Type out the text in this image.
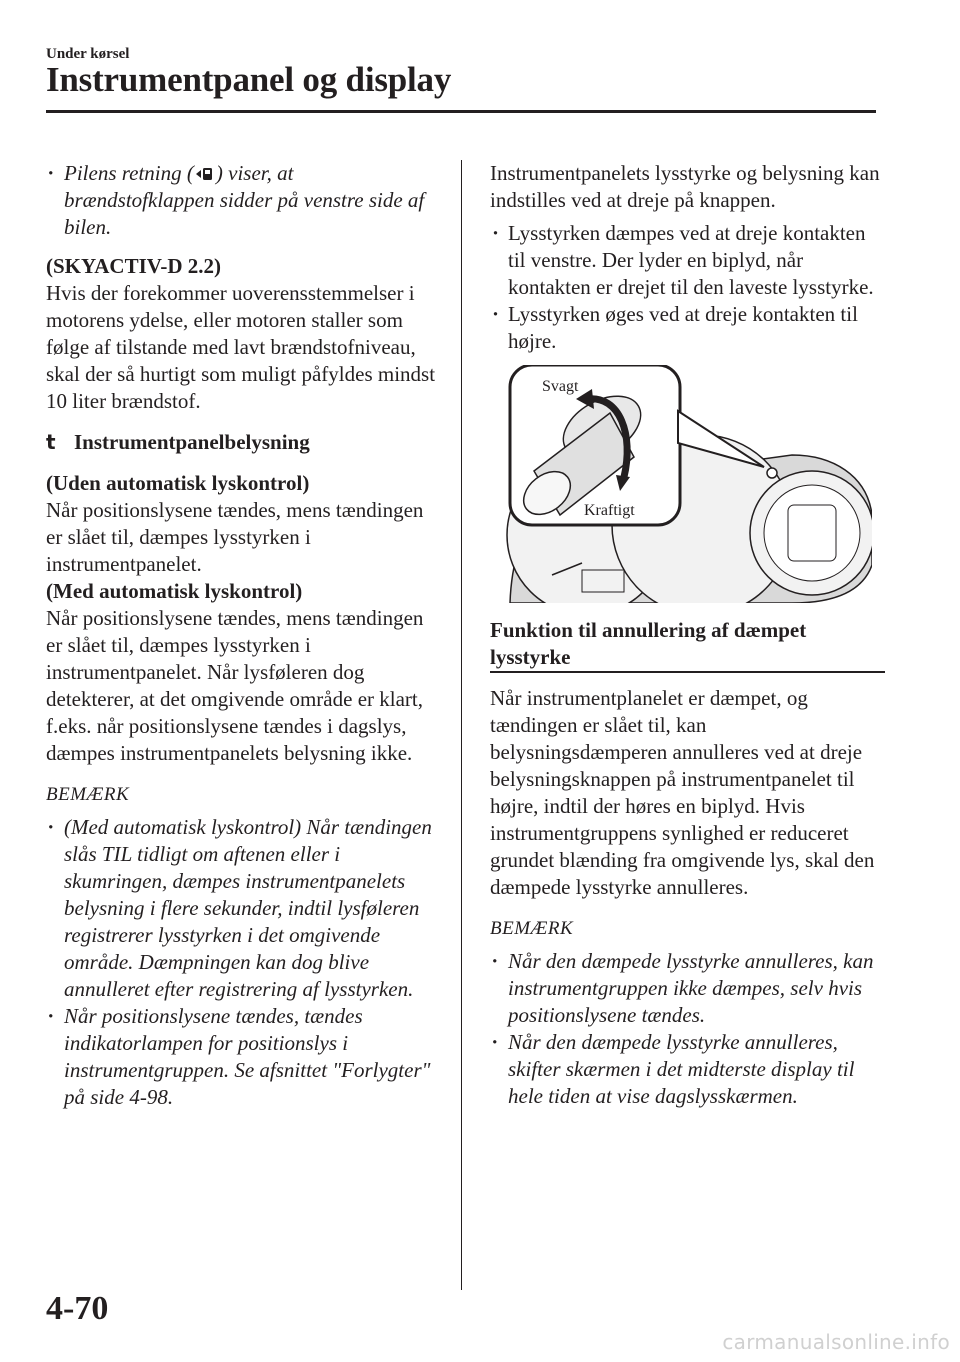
Under kørsel
Instrumentpanel og display

· Pilens retning ( ) viser, at brændstofklappen sidder på venstre side af bilen.

(SKYACTIV-D 2.2)

Hvis der forekommer uoverensstemmelser i motorens ydelse, eller motoren staller som følge af tilstande med lavt brændstofniveau, skal der så hurtigt som muligt påfyldes mindst 10 liter brændstof.

t Instrumentpanelbelysning

(Uden automatisk lyskontrol)

Når positionslysene tændes, mens tændingen er slået til, dæmpes lysstyrken i instrumentpanelet.

(Med automatisk lyskontrol)

Når positionslysene tændes, mens tændingen er slået til, dæmpes lysstyrken i instrumentpanelet. Når lysføleren dog detekterer, at det omgivende område er klart, f.eks. når positionslysene tændes i dagslys, dæmpes instrumentpanelets belysning ikke.

BEMÆRK

· (Med automatisk lyskontrol) Når tændingen slås TIL tidligt om aftenen eller i skumringen, dæmpes instrumentpanelets belysning i flere sekunder, indtil lysføleren registrerer lysstyrken i det omgivende område. Dæmpningen kan dog blive annulleret efter registrering af lysstyrken.

· Når positionslysene tændes, tændes indikatorlampen for positionslys i instrumentgruppen. Se afsnittet "Forlygter" på side 4-98.

Instrumentpanelets lysstyrke og belysning kan indstilles ved at dreje på knappen.

· Lysstyrken dæmpes ved at dreje kontakten til venstre. Der lyder en biplyd, når kontakten er drejet til den laveste lysstyrke.

· Lysstyrken øges ved at dreje kontakten til højre.

Svagt
Kraftigt
Funktion til annullering af dæmpet lysstyrke

Når instrumentplanelet er dæmpet, og tændingen er slået til, kan belysningsdæmperen annulleres ved at dreje belysningsknappen på instrumentpanelet til højre, indtil der høres en biplyd. Hvis instrumentgruppens synlighed er reduceret grundet blænding fra omgivende lys, skal den dæmpede lysstyrke annulleres.

BEMÆRK

· Når den dæmpede lysstyrke annulleres, kan instrumentgruppen ikke dæmpes, selv hvis positionslysene tændes.

· Når den dæmpede lysstyrke annulleres, skifter skærmen i det midterste display til hele tiden at vise dagslysskærmen.

4-70
carmanualsonline.info
